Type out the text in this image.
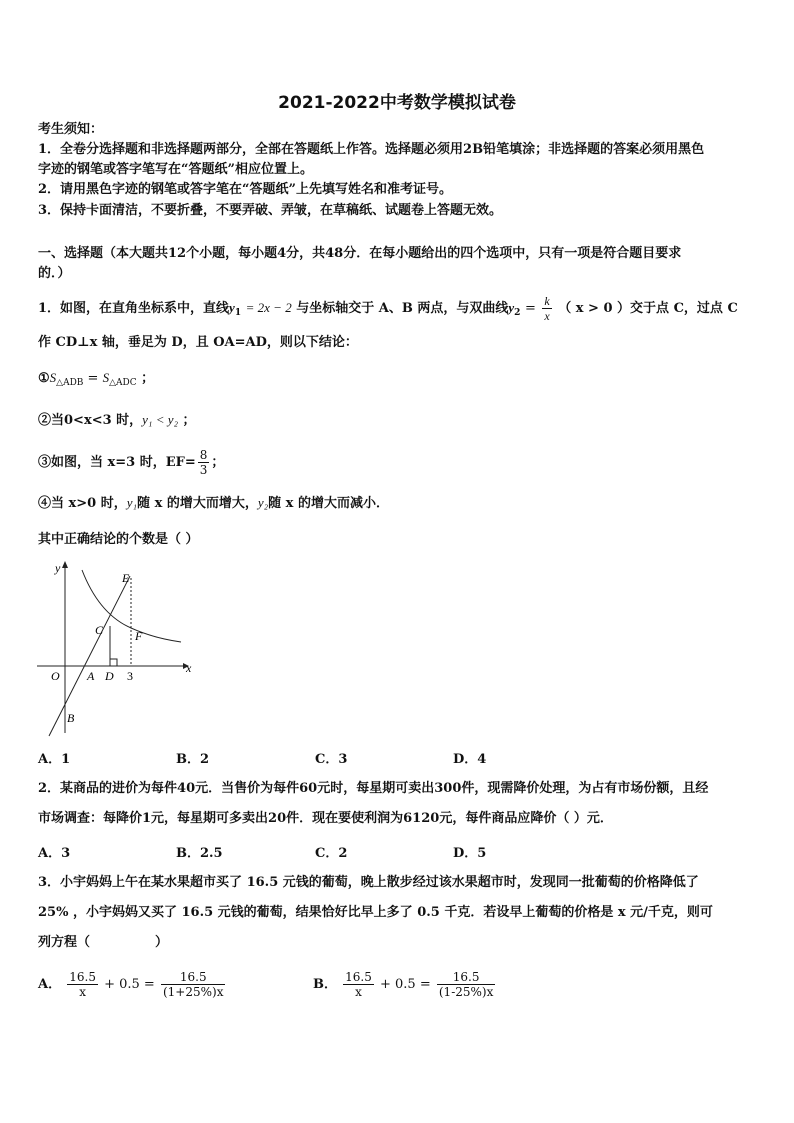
2021-2022中考数学模拟试卷
考生须知：
1．全卷分选择题和非选择题两部分，全部在答题纸上作答。选择题必须用2B铅笔填涂；非选择题的答案必须用黑色
字迹的钢笔或答字笔写在“答题纸”相应位置上。
2．请用黑色字迹的钢笔或答字笔在“答题纸”上先填写姓名和准考证号。
3．保持卡面清洁，不要折叠，不要弄破、弄皱，在草稿纸、试题卷上答题无效。
一、选择题（本大题共12个小题，每小题4分，共48分．在每小题给出的四个选项中，只有一项是符合题目要求
的．）
1．如图，在直角坐标系中，直线$y_1 = 2x - 2$ 与坐标轴交于 A、B 两点，与双曲线$y_2 = \frac{k}{x}$ （ x > 0 ）交于点 C，过点 C
作 CD⊥x 轴，垂足为 D，且 OA=AD，则以下结论：
$①S_{\triangle ADB} = S_{\triangle ADC}$ ；
②当0<x<3 时，y₁ < y₂ ；
③如图，当 x=3 时，$EF= \frac{8}{3}$ ；
④当 x>0 时，y₁随 x 的增大而增大，y₂随 x 的增大而减小．
其中正确结论的个数是（ ）
y
x
O A D 3
B
C
E
F
A．1	B．2	C．3	D．4
2．某商品的进价为每件40元．当售价为每件60元时，每星期可卖出300件，现需降价处理，为占有市场份额，且经
市场调查：每降价1元，每星期可多卖出20件．现在要使利润为6120元，每件商品应降价（ ）元．
A．3	B．2.5	C．2	D．5
3．小宇妈妈上午在某水果超市买了 16.5 元钱的葡萄，晚上散步经过该水果超市时，发现同一批葡萄的价格降低了
25% ，小宇妈妈又买了 16.5 元钱的葡萄，结果恰好比早上多了 0.5 千克．若设早上葡萄的价格是 x 元/千克，则可
列方程（　　　　　）
A． $\frac{16.5}{x} + 0.5 = \frac{16.5}{(1+25\%)x}$	B． $\frac{16.5}{x} + 0.5 = \frac{16.5}{(1-25\%)x}$
